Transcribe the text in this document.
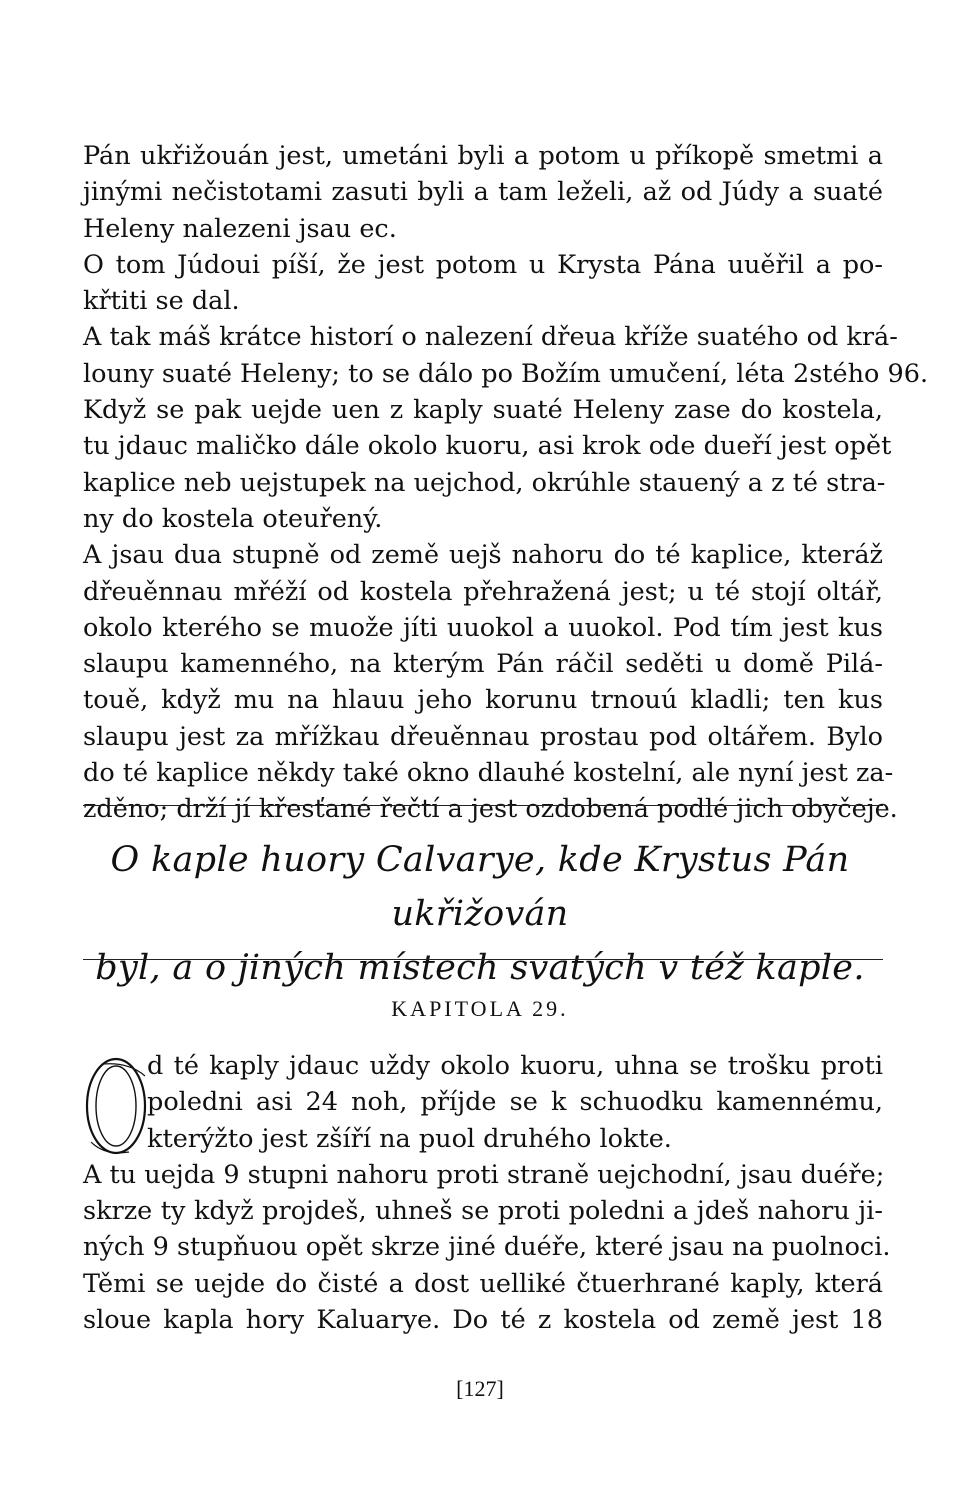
Pán ukřižouán jest, umetáni byli a potom u příkopě smetmi a
jinými nečistotami zasuti byli a tam leželi, až od Júdy a suaté
Heleny nalezeni jsau ec.
O tom Júdoui píší, že jest potom u Krysta Pána uuěřil a po-
křtiti se dal.
A tak máš krátce historí o nalezení dřeua kříže suatého od krá-
louny suaté Heleny; to se dálo po Božím umučení, léta 2stého 96.
Když se pak uejde uen z kaply suaté Heleny zase do kostela,
tu jdauc maličko dále okolo kuoru, asi krok ode dueří jest opět
kaplice neb uejstupek na uejchod, okrúhle stauený a z té stra-
ny do kostela oteuřený.
A jsau dua stupně od země uejš nahoru do té kaplice, kteráž
dřeuěnnau mřéží od kostela přehražená jest; u té stojí oltář,
okolo kterého se muože jíti uuokol a uuokol. Pod tím jest kus
slaupu kamenného, na kterým Pán ráčil seděti u domě Pilá-
touě, když mu na hlauu jeho korunu trnouú kladli; ten kus
slaupu jest za mřížkau dřeuěnnau prostau pod oltářem. Bylo
do té kaplice někdy také okno dlauhé kostelní, ale nyní jest za-
zděno; drží jí křesťané řečtí a jest ozdobená podlé jich obyčeje.

O kaple huory Calvarye, kde Krystus Pán ukřižován
byl, a o jiných místech svatých v též kaple.
KAPITOLA 29.

d té kaply jdauc uždy okolo kuoru, uhna se trošku proti
poledni asi 24 noh, příjde se k schuodku kamennému,
kterýžto jest zšíří na puol druhého lokte.

A tu uejda 9 stupni nahoru proti straně uejchodní, jsau duéře;
skrze ty když projdeš, uhneš se proti poledni a jdeš nahoru ji-
ných 9 stupňuou opět skrze jiné duéře, které jsau na puolnoci.
Těmi se uejde do čisté a dost uelliké čtuerhrané kaply, která
sloue kapla hory Kaluarye. Do té z kostela od země jest 18

[127]
